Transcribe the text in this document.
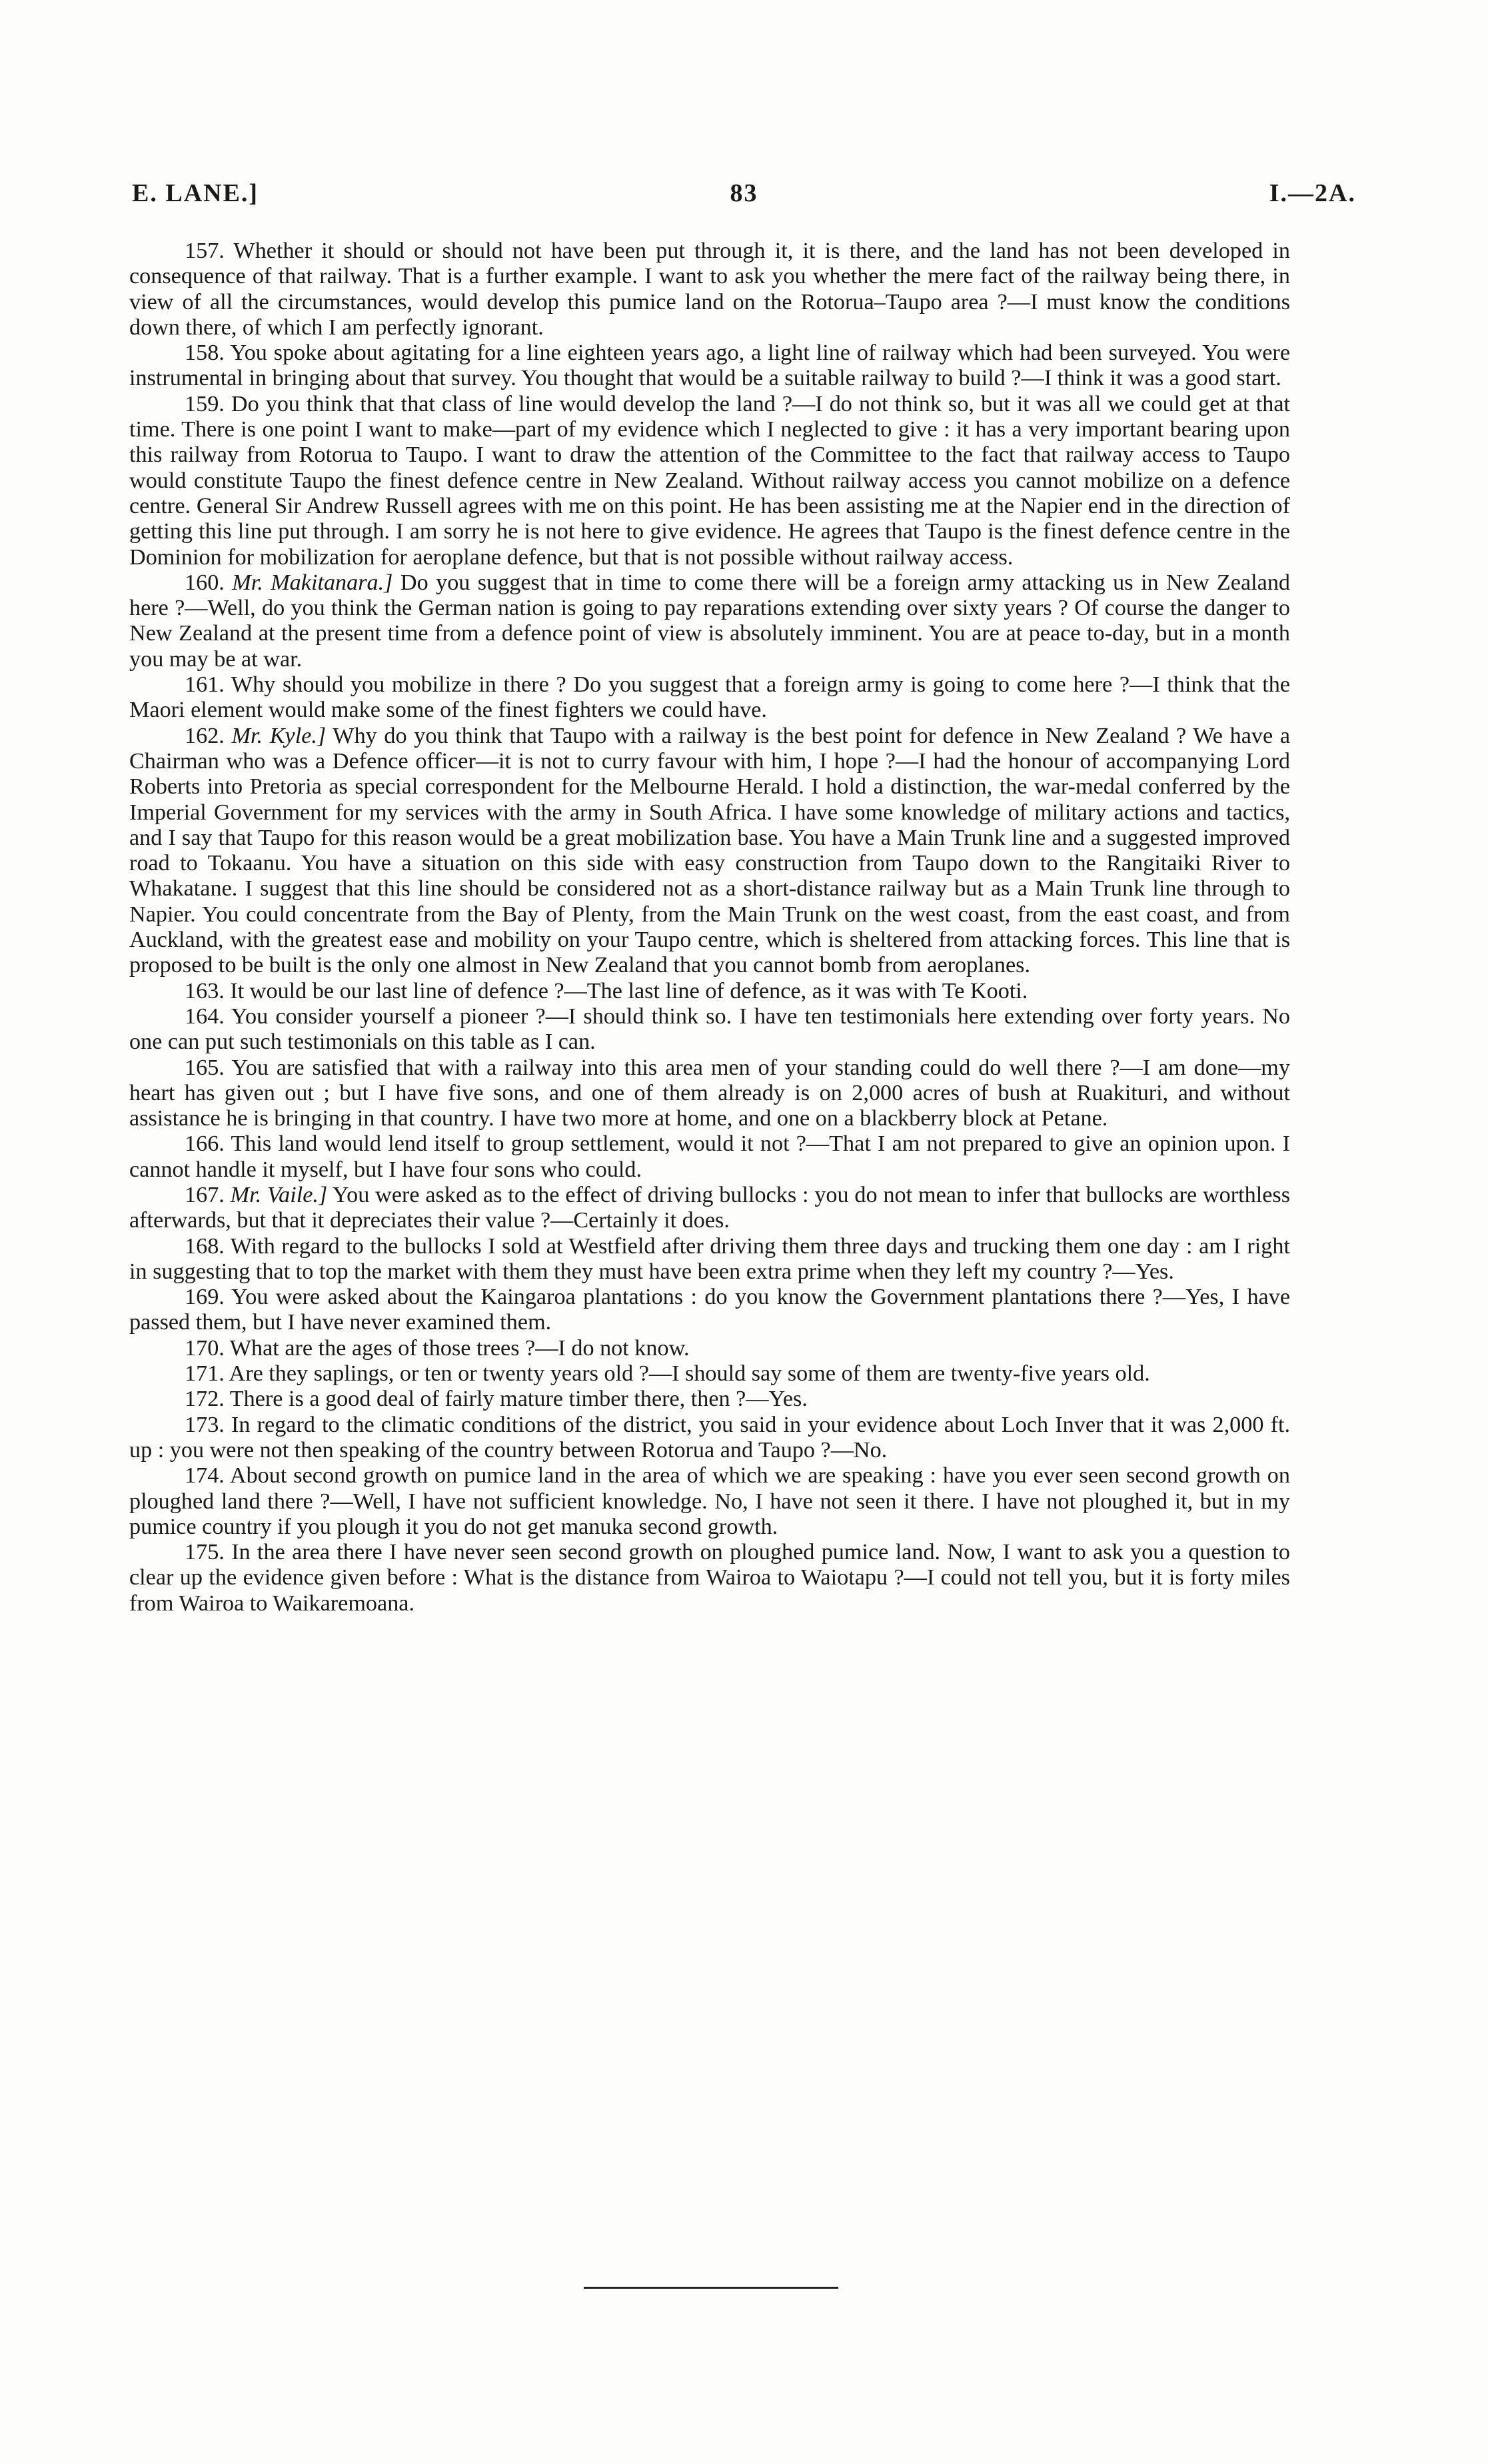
E. LANE.]	83	I.—2A.

157. Whether it should or should not have been put through it, it is there, and the land has not been developed in consequence of that railway. That is a further example. I want to ask you whether the mere fact of the railway being there, in view of all the circumstances, would develop this pumice land on the Rotorua–Taupo area ?—I must know the conditions down there, of which I am perfectly ignorant.

158. You spoke about agitating for a line eighteen years ago, a light line of railway which had been surveyed. You were instrumental in bringing about that survey. You thought that would be a suitable railway to build ?—I think it was a good start.

159. Do you think that that class of line would develop the land ?—I do not think so, but it was all we could get at that time. There is one point I want to make—part of my evidence which I neglected to give : it has a very important bearing upon this railway from Rotorua to Taupo. I want to draw the attention of the Committee to the fact that railway access to Taupo would constitute Taupo the finest defence centre in New Zealand. Without railway access you cannot mobilize on a defence centre. General Sir Andrew Russell agrees with me on this point. He has been assisting me at the Napier end in the direction of getting this line put through. I am sorry he is not here to give evidence. He agrees that Taupo is the finest defence centre in the Dominion for mobilization for aeroplane defence, but that is not possible without railway access.

160. Mr. Makitanara.] Do you suggest that in time to come there will be a foreign army attacking us in New Zealand here ?—Well, do you think the German nation is going to pay reparations extending over sixty years ? Of course the danger to New Zealand at the present time from a defence point of view is absolutely imminent. You are at peace to-day, but in a month you may be at war.

161. Why should you mobilize in there ? Do you suggest that a foreign army is going to come here ?—I think that the Maori element would make some of the finest fighters we could have.

162. Mr. Kyle.] Why do you think that Taupo with a railway is the best point for defence in New Zealand ? We have a Chairman who was a Defence officer—it is not to curry favour with him, I hope ?—I had the honour of accompanying Lord Roberts into Pretoria as special correspondent for the Melbourne Herald. I hold a distinction, the war-medal conferred by the Imperial Government for my services with the army in South Africa. I have some knowledge of military actions and tactics, and I say that Taupo for this reason would be a great mobilization base. You have a Main Trunk line and a suggested improved road to Tokaanu. You have a situation on this side with easy construction from Taupo down to the Rangitaiki River to Whakatane. I suggest that this line should be considered not as a short-distance railway but as a Main Trunk line through to Napier. You could concentrate from the Bay of Plenty, from the Main Trunk on the west coast, from the east coast, and from Auckland, with the greatest ease and mobility on your Taupo centre, which is sheltered from attacking forces. This line that is proposed to be built is the only one almost in New Zealand that you cannot bomb from aeroplanes.

163. It would be our last line of defence ?—The last line of defence, as it was with Te Kooti.

164. You consider yourself a pioneer ?—I should think so. I have ten testimonials here extending over forty years. No one can put such testimonials on this table as I can.

165. You are satisfied that with a railway into this area men of your standing could do well there ?—I am done—my heart has given out ; but I have five sons, and one of them already is on 2,000 acres of bush at Ruakituri, and without assistance he is bringing in that country. I have two more at home, and one on a blackberry block at Petane.

166. This land would lend itself to group settlement, would it not ?—That I am not prepared to give an opinion upon. I cannot handle it myself, but I have four sons who could.

167. Mr. Vaile.] You were asked as to the effect of driving bullocks : you do not mean to infer that bullocks are worthless afterwards, but that it depreciates their value ?—Certainly it does.

168. With regard to the bullocks I sold at Westfield after driving them three days and trucking them one day : am I right in suggesting that to top the market with them they must have been extra prime when they left my country ?—Yes.

169. You were asked about the Kaingaroa plantations : do you know the Government plantations there ?—Yes, I have passed them, but I have never examined them.

170. What are the ages of those trees ?—I do not know.

171. Are they saplings, or ten or twenty years old ?—I should say some of them are twenty-five years old.

172. There is a good deal of fairly mature timber there, then ?—Yes.

173. In regard to the climatic conditions of the district, you said in your evidence about Loch Inver that it was 2,000 ft. up : you were not then speaking of the country between Rotorua and Taupo ?—No.

174. About second growth on pumice land in the area of which we are speaking : have you ever seen second growth on ploughed land there ?—Well, I have not sufficient knowledge. No, I have not seen it there. I have not ploughed it, but in my pumice country if you plough it you do not get manuka second growth.

175. In the area there I have never seen second growth on ploughed pumice land. Now, I want to ask you a question to clear up the evidence given before : What is the distance from Wairoa to Waiotapu ?—I could not tell you, but it is forty miles from Wairoa to Waikaremoana.
